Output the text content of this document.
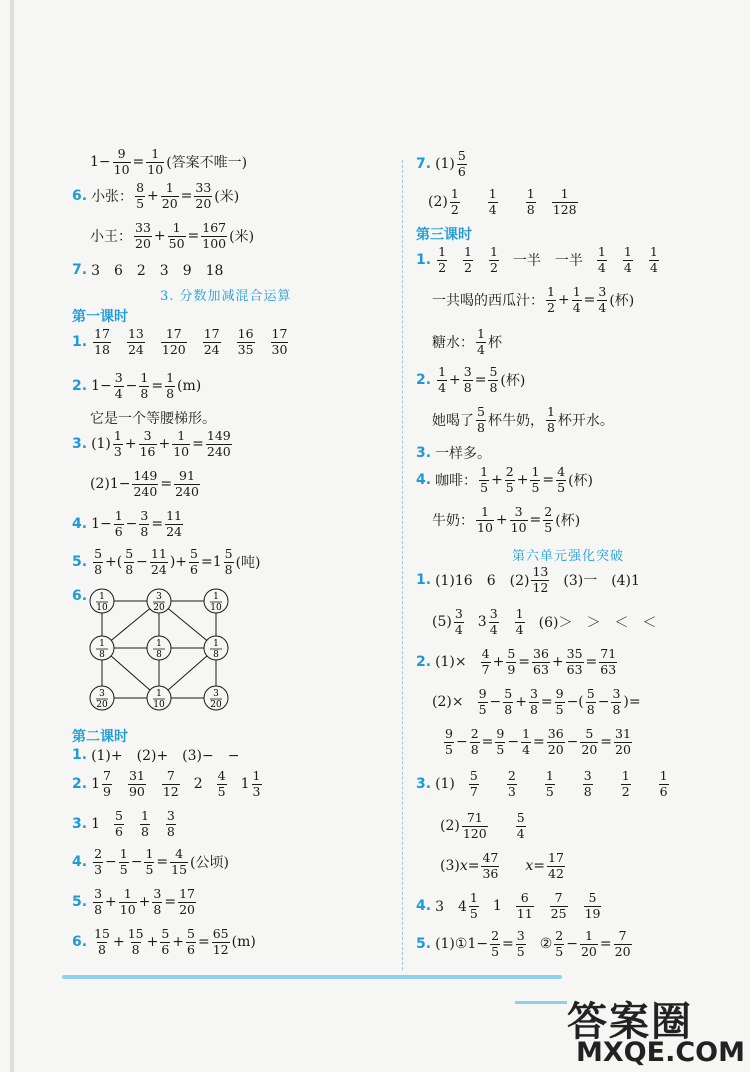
$1- \frac{9}{10} = \frac{1}{10}$ (答案不唯一)
6. 小张： $\frac{8}{5} + \frac{1}{20} = \frac{33}{20}$ (米)
小王： $\frac{33}{20} + \frac{1}{50} = \frac{167}{100}$ (米)
7. 3　6　2　3　9　18
3. 分数加减混合运算
第一课时
1. $\frac{17}{18} \frac{13}{24} \frac{17}{120} \frac{17}{24} \frac{16}{35} \frac{17}{30}$
2. $1- \frac{3}{4} - \frac{1}{8} = \frac{1}{8} (m)$
它是一个等腰梯形。
3. $(1) \frac{1}{3} + \frac{3}{16} + \frac{1}{10} = \frac{149}{240}$
$(2)1- \frac{149}{240} = \frac{91}{240}$
4. $1- \frac{1}{6} - \frac{3}{8} = \frac{11}{24}$
5. $\frac{5}{8}$ +( $\frac{5}{8} - \frac{11}{24}$ )+ $\frac{5}{6} =1 \frac{5}{8}$ (吨)
6. 1
10
3
20
1
10
1
8
1
8
1
8
3
20
1
10
3
20
第二课时
1. (1)+　(2)+　(3)−　−
2. $1 \frac{7}{9} \frac{31}{90} \frac{7}{12} 2 \frac{4}{5} 1 \frac{1}{3}$
3. $1 \frac{5}{6} \frac{1}{8} \frac{3}{8}$
4. $\frac{2}{3} - \frac{1}{5} - \frac{1}{5} = \frac{4}{15}$ (公顷)
5. $\frac{3}{8} + \frac{1}{10} + \frac{3}{8} = \frac{17}{20}$
6. $\frac{15}{8} + \frac{15}{8} + \frac{5}{6} + \frac{5}{6} = \frac{65}{12} (m)$
7. $(1) \frac{5}{6}$
$(2) \frac{1}{2} \frac{1}{4} \frac{1}{8} \frac{1}{128}$
第三课时
1. $\frac{1}{2} \frac{1}{2} \frac{1}{2}$ 一半　一半 $\frac{1}{4} \frac{1}{4} \frac{1}{4}$
一共喝的西瓜汁： $\frac{1}{2} + \frac{1}{4} = \frac{3}{4}$ (杯)
糖水： $\frac{1}{4}$ 杯
2. $\frac{1}{4} + \frac{3}{8} = \frac{5}{8}$ (杯)
她喝了 $\frac{5}{8}$ 杯牛奶， $\frac{1}{8}$ 杯开水。
3. 一样多。
4. 咖啡： $\frac{1}{5} + \frac{2}{5} + \frac{1}{5} = \frac{4}{5}$ (杯)
牛奶： $\frac{1}{10} + \frac{3}{10} = \frac{2}{5}$ (杯)
第六单元强化突破
1. (1)16　6　$(2) \frac{13}{12} (3)$一　(4)1
$(5) \frac{3}{4} 3 \frac{3}{4} \frac{1}{4} (6)>$　＞　＜　＜
2. $(1)\times \frac{4}{7} + \frac{5}{9} = \frac{36}{63} + \frac{35}{63} = \frac{71}{63}$
$(2)\times \frac{9}{5} - \frac{5}{8} + \frac{3}{8} = \frac{9}{5}$ −( $\frac{5}{8} - \frac{3}{8}$ )=
$\frac{9}{5} - \frac{2}{8} = \frac{9}{5} - \frac{1}{4} = \frac{36}{20} - \frac{5}{20} = \frac{31}{20}$
3. $(1) \frac{5}{7} \frac{2}{3} \frac{1}{5} \frac{3}{8} \frac{1}{2} \frac{1}{6}$
$(2) \frac{71}{120} \frac{5}{4}$
(3) $x= \frac{47}{36} x= \frac{17}{42}$
4. 3　$4 \frac{1}{5} 1 \frac{6}{11} \frac{7}{25} \frac{5}{19}$
5. (1)①1− $\frac{2}{5} = \frac{3}{5}$ ② $\frac{2}{5} - \frac{1}{20} = \frac{7}{20}$
答案圈
MXQE.COM
